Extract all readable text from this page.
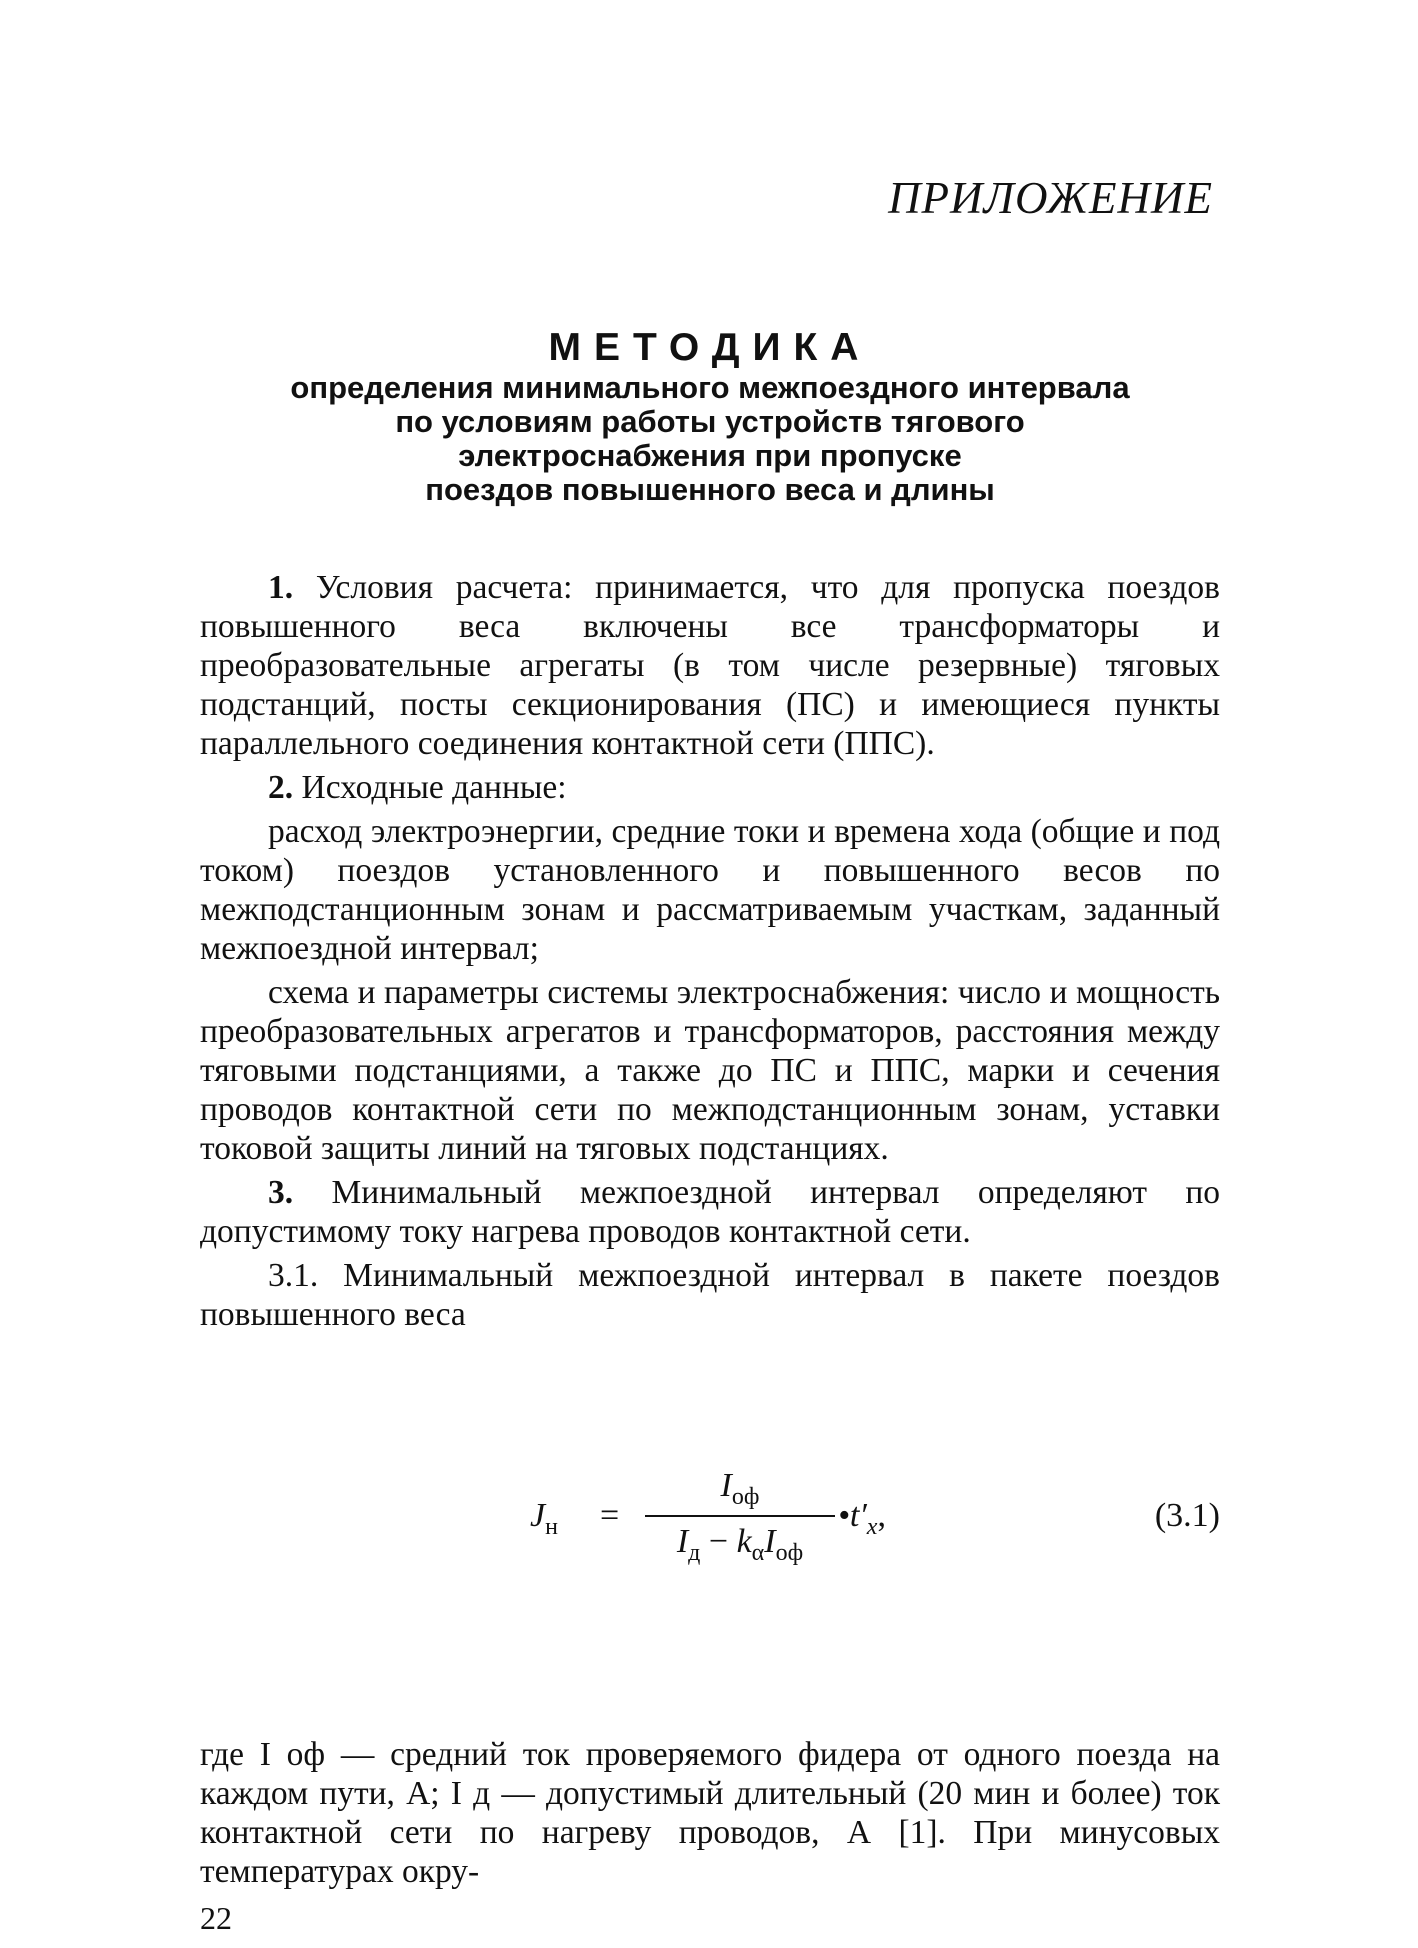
ПРИЛОЖЕНИЕ

МЕТОДИКА
определения минимального межпоездного интервала
по условиям работы устройств тягового
электроснабжения при пропуске
поездов повышенного веса и длины

1. Условия расчета: принимается, что для пропуска поездов повышенного веса включены все трансформаторы и преобразовательные агрегаты (в том числе резервные) тяговых подстанций, посты секционирования (ПС) и имеющиеся пункты параллельного соединения контактной сети (ППС).

2. Исходные данные:

расход электроэнергии, средние токи и времена хода (общие и под током) поездов установленного и повышенного весов по межподстанционным зонам и рассматриваемым участкам, заданный межпоездной интервал;

схема и параметры системы электроснабжения: число и мощность преобразовательных агрегатов и трансформаторов, расстояния между тяговыми подстанциями, а также до ПС и ППС, марки и сечения проводов контактной сети по межподстанционным зонам, уставки токовой защиты линий на тяговых подстанциях.

3. Минимальный межпоездной интервал определяют по допустимому току нагрева проводов контактной сети.

3.1. Минимальный межпоездной интервал в пакете поездов повышенного веса

$J_н$ =
$I_{оф}$
$I_д - k_\alpha I_{оф}$
$•t'_x$,	(3.1)

где I оф — средний ток проверяемого фидера от одного поезда на каждом пути, А; I д — допустимый длительный (20 мин и более) ток контактной сети по нагреву проводов, А [1]. При минусовых температурах окру-

22
